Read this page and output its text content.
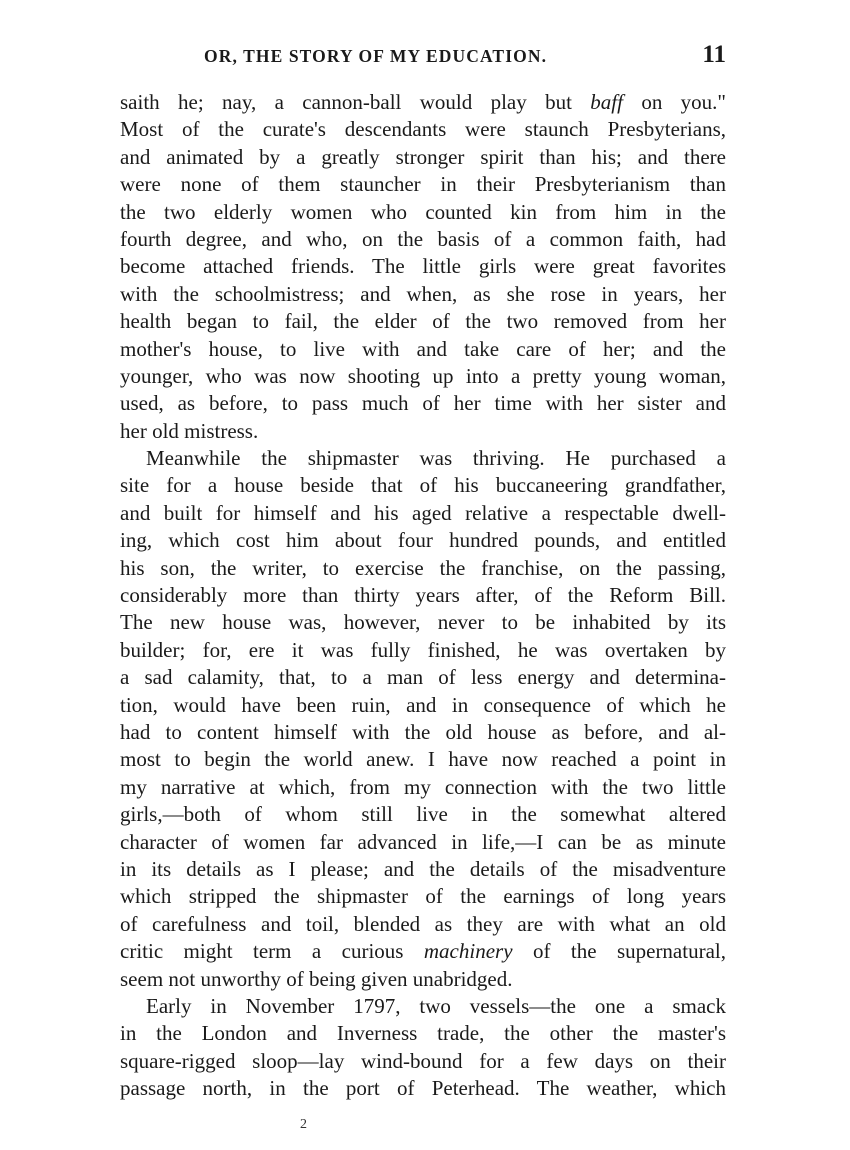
OR, THE STORY OF MY EDUCATION.	11
saith he; nay, a cannon-ball would play but baff on you."
Most of the curate's descendants were staunch Presbyterians,
and animated by a greatly stronger spirit than his; and there
were none of them stauncher in their Presbyterianism than
the two elderly women who counted kin from him in the
fourth degree, and who, on the basis of a common faith, had
become attached friends. The little girls were great favorites
with the schoolmistress; and when, as she rose in years, her
health began to fail, the elder of the two removed from her
mother's house, to live with and take care of her; and the
younger, who was now shooting up into a pretty young woman,
used, as before, to pass much of her time with her sister and
her old mistress.
Meanwhile the shipmaster was thriving. He purchased a
site for a house beside that of his buccaneering grandfather,
and built for himself and his aged relative a respectable dwell-
ing, which cost him about four hundred pounds, and entitled
his son, the writer, to exercise the franchise, on the passing,
considerably more than thirty years after, of the Reform Bill.
The new house was, however, never to be inhabited by its
builder; for, ere it was fully finished, he was overtaken by
a sad calamity, that, to a man of less energy and determina-
tion, would have been ruin, and in consequence of which he
had to content himself with the old house as before, and al-
most to begin the world anew. I have now reached a point in
my narrative at which, from my connection with the two little
girls,—both of whom still live in the somewhat altered
character of women far advanced in life,—I can be as minute
in its details as I please; and the details of the misadventure
which stripped the shipmaster of the earnings of long years
of carefulness and toil, blended as they are with what an old
critic might term a curious machinery of the supernatural,
seem not unworthy of being given unabridged.
Early in November 1797, two vessels—the one a smack
in the London and Inverness trade, the other the master's
square-rigged sloop—lay wind-bound for a few days on their
passage north, in the port of Peterhead. The weather, which
2
